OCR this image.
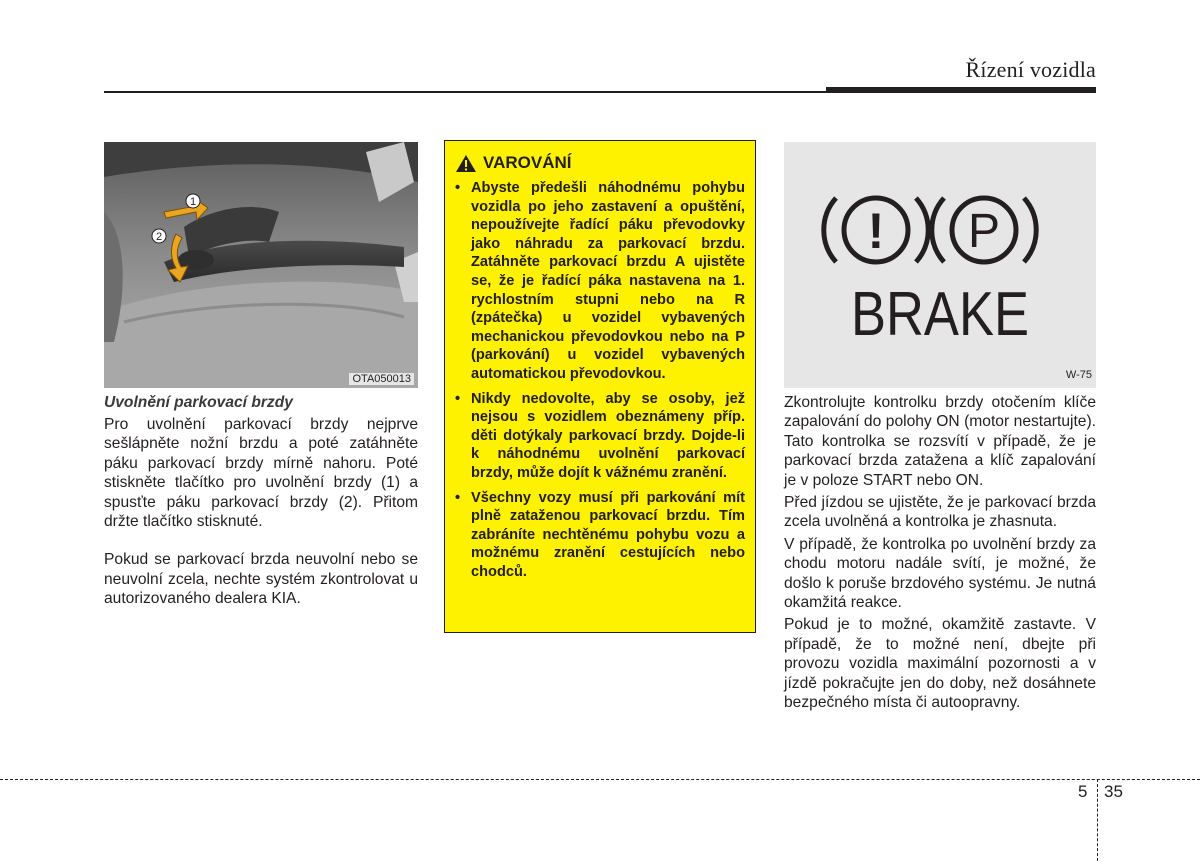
Řízení vozidla
1
2
OTA050013
Uvolnění parkovací brzdy

Pro uvolnění parkovací brzdy nejprve sešlápněte nožní brzdu a poté zatáhněte páku parkovací brzdy mírně nahoru. Poté stiskněte tlačítko pro uvolnění brzdy (1) a spusťte páku parkovací brzdy (2). Přitom držte tlačítko stisknuté.

Pokud se parkovací brzda neuvolní nebo se neuvolní zcela, nechte systém zkontrolovat u autorizovaného dealera KIA.

VAROVÁNÍ
• Abyste předešli náhodnému pohybu vozidla po jeho zastavení a opuštění, nepoužívejte řadící páku převodovky jako náhradu za parkovací brzdu. Zatáhněte parkovací brzdu A ujistěte se, že je řadící páka nastavena na 1. rychlostním stupni nebo na R (zpátečka) u vozidel vybavených mechanickou převodovkou nebo na P (parkování) u vozidel vybavených automatickou převodovkou.
• Nikdy nedovolte, aby se osoby, jež nejsou s vozidlem obeznámeny příp. děti dotýkaly parkovací brzdy. Dojde-li k náhodnému uvolnění parkovací brzdy, může dojít k vážnému zranění.
• Všechny vozy musí při parkování mít plně zataženou parkovací brzdu. Tím zabráníte nechtěnému pohybu vozu a možnému zranění cestujících nebo chodců.
! P
BRAKE
W-75

Zkontrolujte kontrolku brzdy otočením klíče zapalování do polohy ON (motor nestartujte). Tato kontrolka se rozsvítí v případě, že je parkovací brzda zatažena a klíč zapalování je v poloze START nebo ON.

Před jízdou se ujistěte, že je parkovací brzda zcela uvolněná a kontrolka je zhasnuta.

V případě, že kontrolka po uvolnění brzdy za chodu motoru nadále svítí, je možné, že došlo k poruše brzdového systému. Je nutná okamžitá reakce.

Pokud je to možné, okamžitě zastavte. V případě, že to možné není, dbejte při provozu vozidla maximální pozornosti a v jízdě pokračujte jen do doby, než dosáhnete bezpečného místa či autoopravny.

5 35
